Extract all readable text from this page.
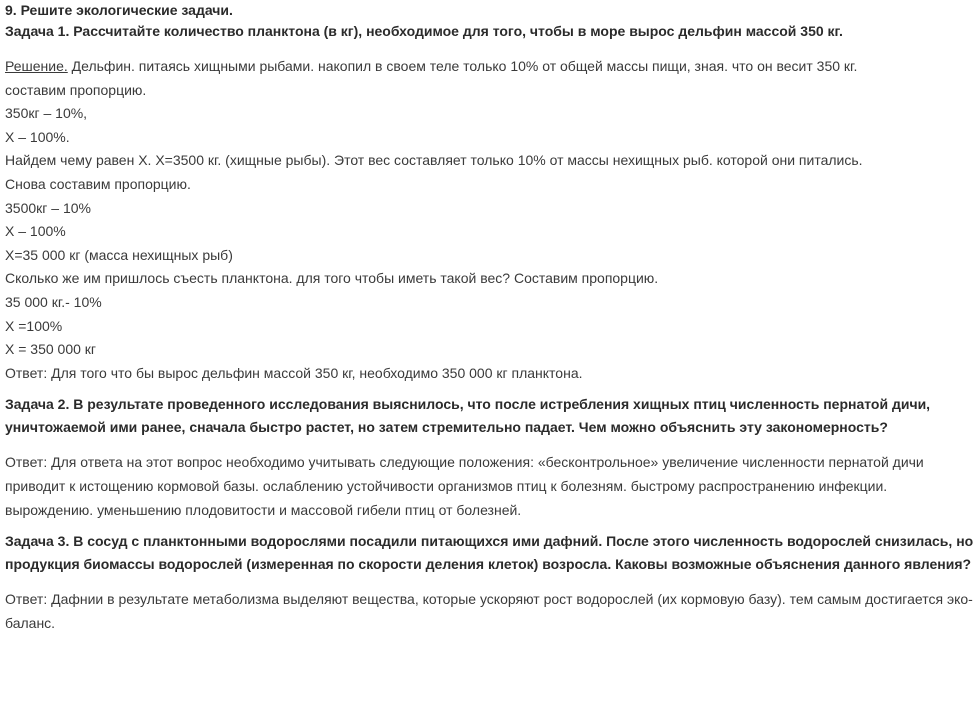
9. Решите экологические задачи.

Задача 1. Рассчитайте количество планктона (в кг), необходимое для того, чтобы в море вырос дельфин массой 350 кг.

Решение. Дельфин. питаясь хищными рыбами. накопил в своем теле только 10% от общей массы пищи, зная. что он весит 350 кг.

составим пропорцию.

350кг – 10%,

X – 100%.

Найдем чему равен X. X=3500 кг. (хищные рыбы). Этот вес составляет только 10% от массы нехищных рыб. которой они питались.

Снова составим пропорцию.

3500кг – 10%

X – 100%

X=35 000 кг (масса нехищных рыб)

Сколько же им пришлось съесть планктона. для того чтобы иметь такой вес? Составим пропорцию.

35 000 кг.- 10%

X =100%

X = 350 000 кг

Ответ: Для того что бы вырос дельфин массой 350 кг, необходимо 350 000 кг планктона.

Задача 2. В результате проведенного исследования выяснилось, что после истребления хищных птиц численность пернатой дичи, уничтожаемой ими ранее, сначала быстро растет, но затем стремительно падает. Чем можно объяснить эту закономерность?

Ответ: Для ответа на этот вопрос необходимо учитывать следующие положения: «бесконтрольное» увеличение численности пернатой дичи приводит к истощению кормовой базы. ослаблению устойчивости организмов птиц к болезням. быстрому распространению инфекции. вырождению. уменьшению плодовитости и массовой гибели птиц от болезней.

Задача 3. В сосуд с планктонными водорослями посадили питающихся ими дафний. После этого численность водорослей снизилась, но продукция биомассы водорослей (измеренная по скорости деления клеток) возросла. Каковы возможные объяснения данного явления?

Ответ: Дафнии в результате метаболизма выделяют вещества, которые ускоряют рост водорослей (их кормовую базу). тем самым достигается эко-баланс.
